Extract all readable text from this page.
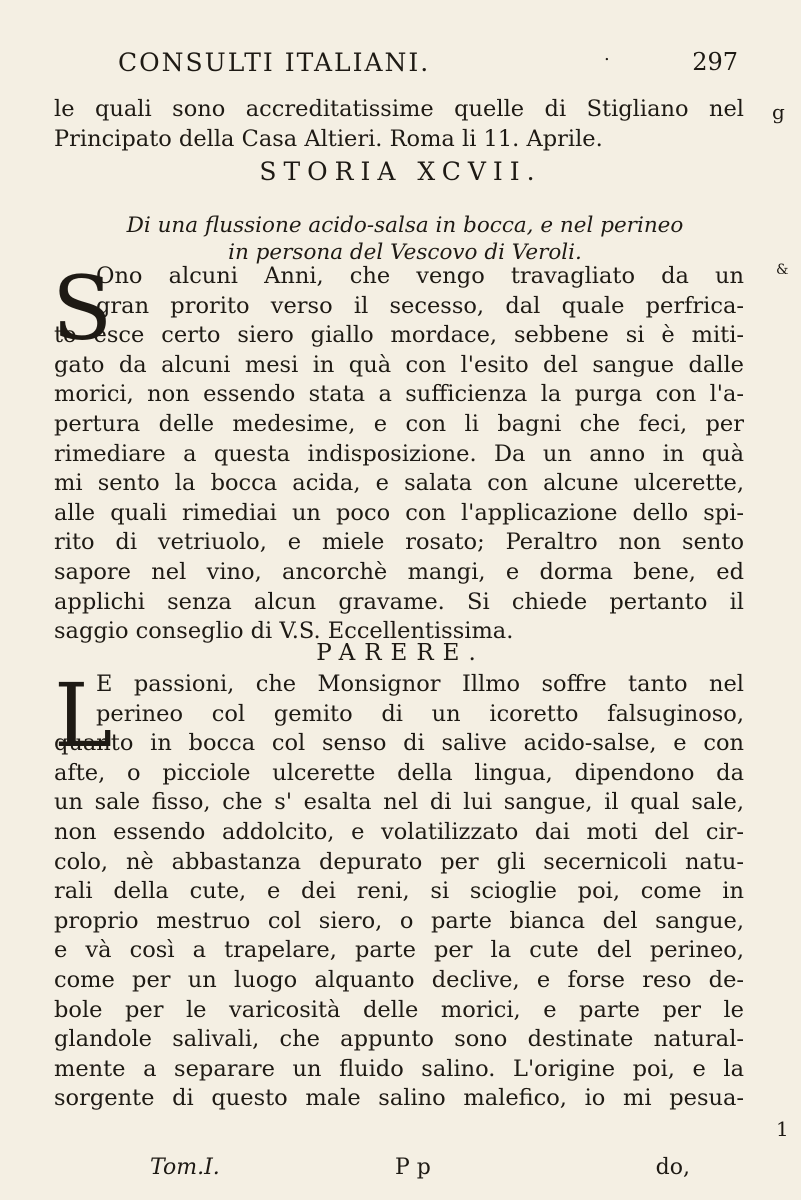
CONSULTI ITALIANI.	.	297
le quali sono accreditatissime quelle di Stigliano nel
Principato della Casa Altieri. Roma li 11. Aprile.
g
STORIA XCVII.
Di una flussione acido-salsa in bocca, e nel perineo
in persona del Vescovo di Veroli.
S	&
Ono alcuni Anni, che vengo travagliato da un
gran prorito verso il secesso, dal quale perfrica-
to esce certo siero giallo mordace, sebbene si è miti-
gato da alcuni mesi in quà con l'esito del sangue dalle
morici, non essendo stata a sufficienza la purga con l'a-
pertura delle medesime, e con li bagni che feci, per
rimediare a questa indisposizione. Da un anno in quà
mi sento la bocca acida, e salata con alcune ulcerette,
alle quali rimediai un poco con l'applicazione dello spi-
rito di vetriuolo, e miele rosato; Peraltro non sento
sapore nel vino, ancorchè mangi, e dorma bene, ed
applichi senza alcun gravame. Si chiede pertanto il
saggio conseglio di V.S. Eccellentissima.
PARERE.
L
E passioni, che Monsignor Illmo soffre tanto nel
perineo col gemito di un icoretto falsuginoso,
quanto in bocca col senso di salive acido-salse, e con
afte, o picciole ulcerette della lingua, dipendono da
un sale fisso, che s' esalta nel di lui sangue, il qual sale,
non essendo addolcito, e volatilizzato dai moti del cir-
colo, nè abbastanza depurato per gli secernicoli natu-
rali della cute, e dei reni, si scioglie poi, come in
proprio mestruo col siero, o parte bianca del sangue,
e và così a trapelare, parte per la cute del perineo,
come per un luogo alquanto declive, e forse reso de-
bole per le varicosità delle morici, e parte per le
glandole salivali, che appunto sono destinate natural-
mente a separare un fluido salino. L'origine poi, e la
sorgente di questo male salino malefico, io mi pesua-
1
Tom.I.	P p	do,
